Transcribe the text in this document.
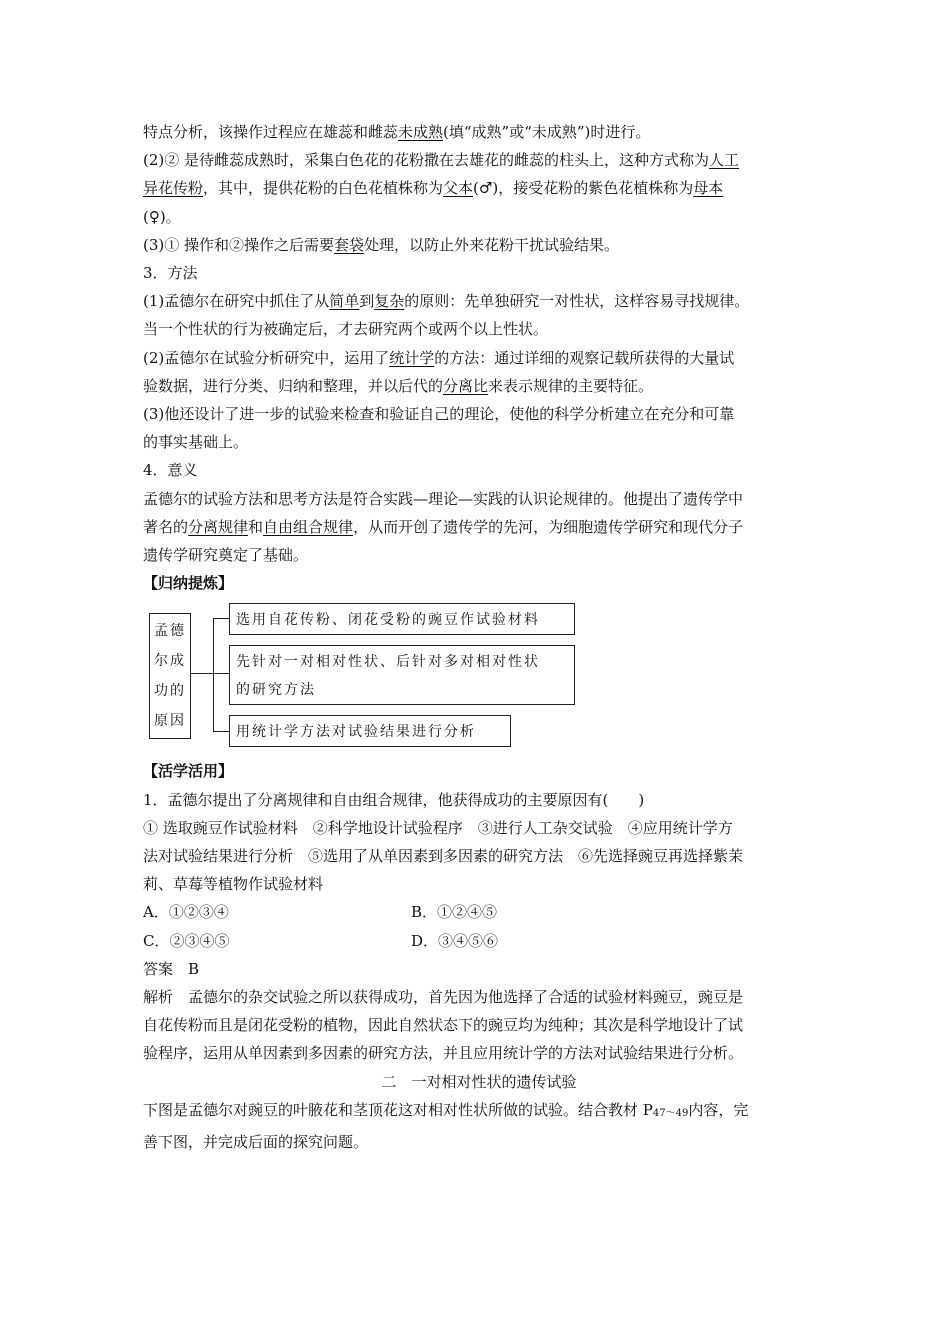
特点分析，该操作过程应在雄蕊和雌蕊未成熟(填“成熟”或“未成熟”)时进行。
(2)② 是待雌蕊成熟时，采集白色花的花粉撒在去雄花的雌蕊的柱头上，这种方式称为人工
异花传粉，其中，提供花粉的白色花植株称为父本(♂)，接受花粉的紫色花植株称为母本
(♀)。
(3)① 操作和②操作之后需要套袋处理，以防止外来花粉干扰试验结果。
3．方法
(1)孟德尔在研究中抓住了从简单到复杂的原则：先单独研究一对性状，这样容易寻找规律。
当一个性状的行为被确定后，才去研究两个或两个以上性状。
(2)孟德尔在试验分析研究中，运用了统计学的方法：通过详细的观察记载所获得的大量试
验数据，进行分类、归纳和整理，并以后代的分离比来表示规律的主要特征。
(3)他还设计了进一步的试验来检查和验证自己的理论，使他的科学分析建立在充分和可靠
的事实基础上。
4．意义
孟德尔的试验方法和思考方法是符合实践—理论—实践的认识论规律的。他提出了遗传学中
著名的分离规律和自由组合规律，从而开创了遗传学的先河，为细胞遗传学研究和现代分子
遗传学研究奠定了基础。
【归纳提炼】
孟德
尔成
功的
原因
选用自花传粉、闭花受粉的豌豆作试验材料
先针对一对相对性状、后针对多对相对性状
的研究方法
用统计学方法对试验结果进行分析
【活学活用】
1．孟德尔提出了分离规律和自由组合规律，他获得成功的主要原因有(　　)
① 选取豌豆作试验材料　②科学地设计试验程序　③进行人工杂交试验　④应用统计学方
法对试验结果进行分析　⑤选用了从单因素到多因素的研究方法　⑥先选择豌豆再选择紫茉
莉、草莓等植物作试验材料
A．①②③④	B．①②④⑤
C．②③④⑤	D．③④⑤⑥
答案　B
解析　孟德尔的杂交试验之所以获得成功，首先因为他选择了合适的试验材料豌豆，豌豆是
自花传粉而且是闭花受粉的植物，因此自然状态下的豌豆均为纯种；其次是科学地设计了试
验程序，运用从单因素到多因素的研究方法，并且应用统计学的方法对试验结果进行分析。
二　一对相对性状的遗传试验
下图是孟德尔对豌豆的叶腋花和茎顶花这对相对性状所做的试验。结合教材 P47～49内容，完
善下图，并完成后面的探究问题。
